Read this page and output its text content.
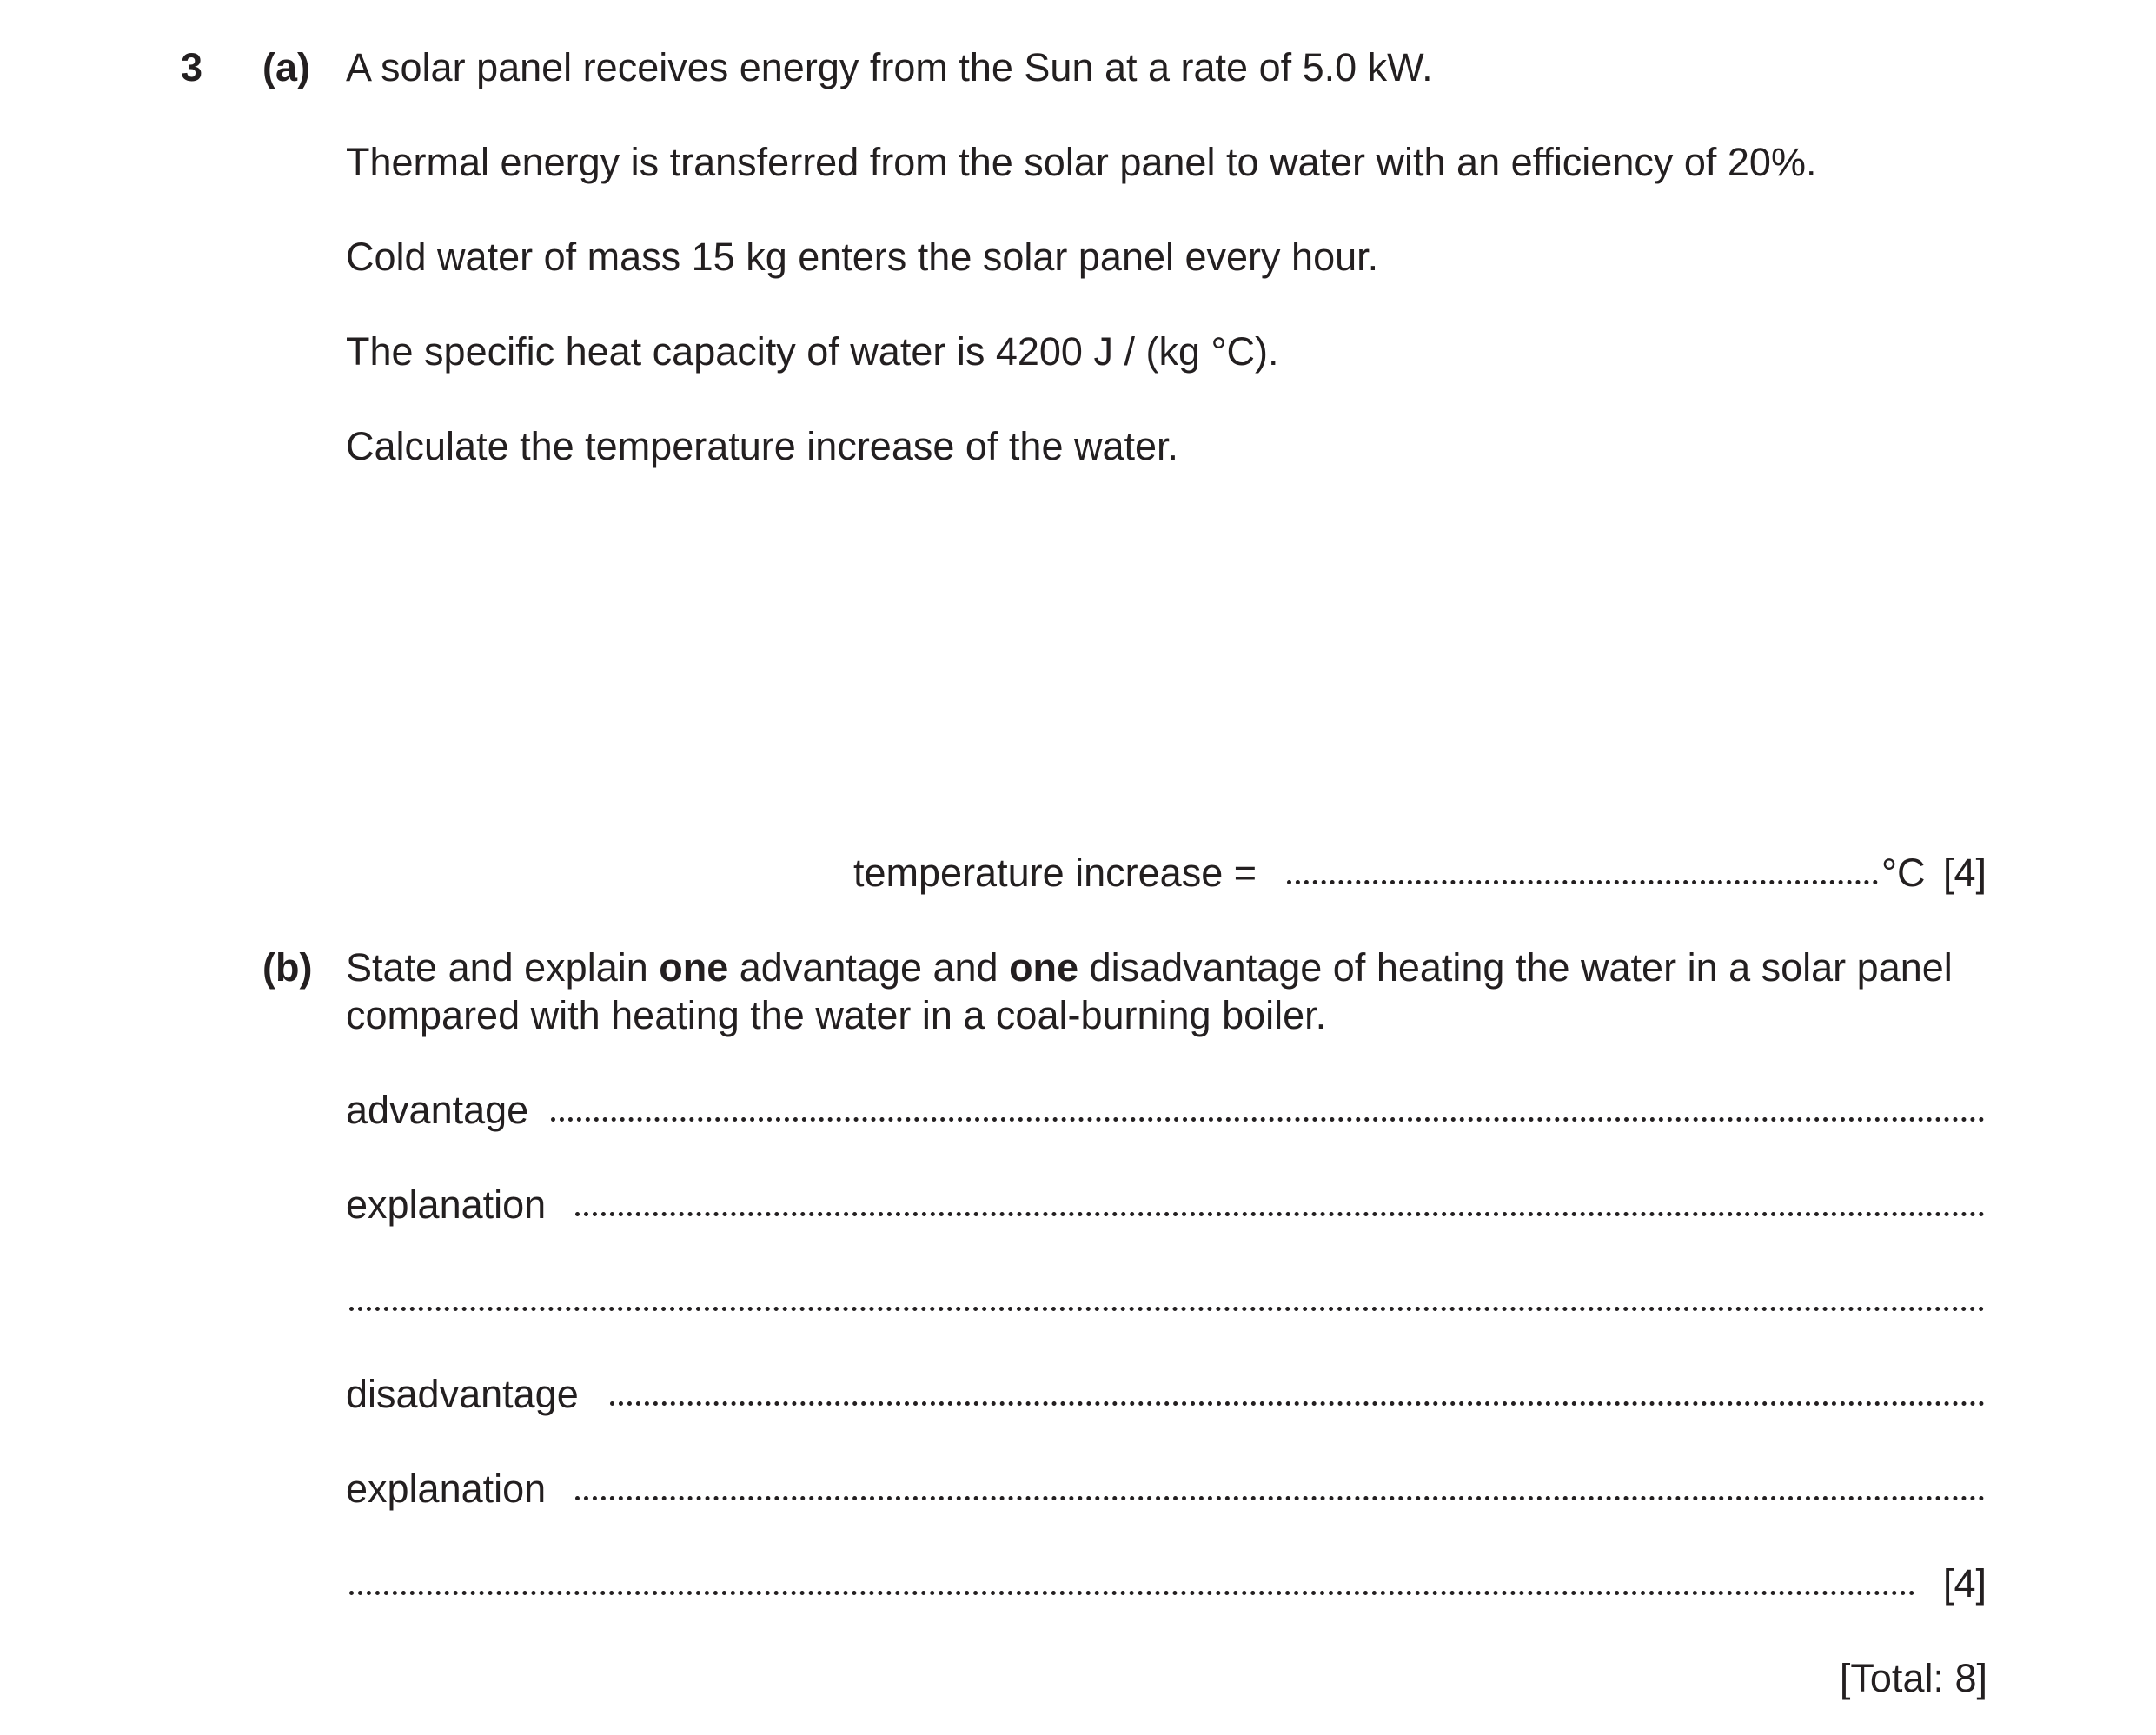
3 (a) A solar panel receives energy from the Sun at a rate of 5.0 kW.
Thermal energy is transferred from the solar panel to water with an efficiency of 20%.
Cold water of mass 15 kg enters the solar panel every hour.
The specific heat capacity of water is 4200 J / (kg °C).
Calculate the temperature increase of the water.
temperature increase =	°C [4]
(b) State and explain one advantage and one disadvantage of heating the water in a solar panel
compared with heating the water in a coal-burning boiler.
advantage
explanation
disadvantage
explanation
[4]
[Total: 8]
